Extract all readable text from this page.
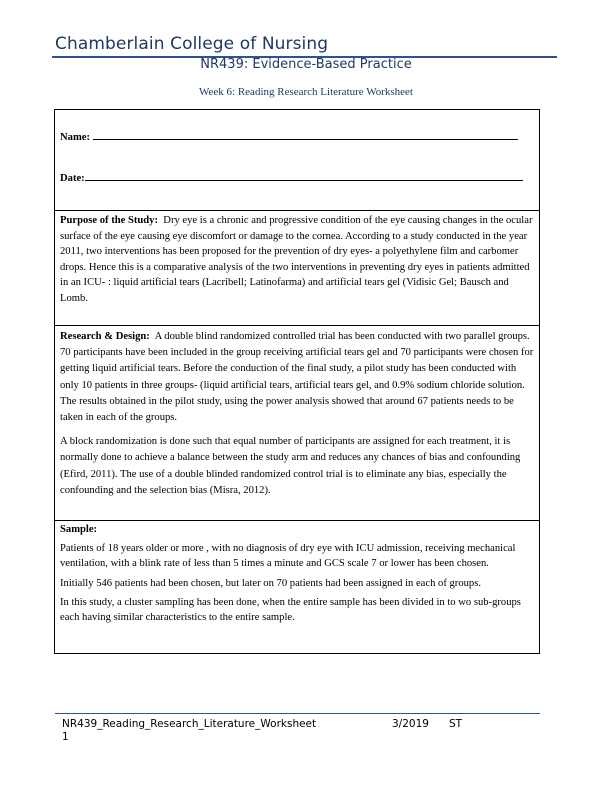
Chamberlain College of Nursing
NR439: Evidence-Based Practice
Week 6: Reading Research Literature Worksheet
Name:
Date:

Purpose of the Study: Dry eye is a chronic and progressive condition of the eye causing changes in the ocular surface of the eye causing eye discomfort or damage to the cornea. According to a study conducted in the year 2011, two interventions has been proposed for the prevention of dry eyes- a polyethylene film and carbomer drops. Hence this is a comparative analysis of the two interventions in preventing dry eyes in patients admitted in an ICU- : liquid artificial tears (Lacribell; Latinofarma) and artificial tears gel (Vidisic Gel; Bausch and Lomb.

Research & Design: A double blind randomized controlled trial has been conducted with two parallel groups. 70 participants have been included in the group receiving artificial tears gel and 70 participants were chosen for getting liquid artificial tears. Before the conduction of the final study, a pilot study has been conducted with only 10 patients in three groups- (liquid artificial tears, artificial tears gel, and 0.9% sodium chloride solution. The results obtained in the pilot study, using the power analysis showed that around 67 patients needs to be taken in each of the groups.

A block randomization is done such that equal number of participants are assigned for each treatment, it is normally done to achieve a balance between the study arm and reduces any chances of bias and confounding (Efird, 2011). The use of a double blinded randomized control trial is to eliminate any bias, especially the confounding and the selection bias (Misra, 2012).

Sample:

Patients of 18 years older or more , with no diagnosis of dry eye with ICU admission, receiving mechanical ventilation, with a blink rate of less than 5 times a minute and GCS scale 7 or lower has been chosen.

Initially 546 patients had been chosen, but later on 70 patients had been assigned in each of groups.

In this study, a cluster sampling has been done, when the entire sample has been divided in to wo sub-groups each having similar characteristics to the entire sample.

NR439_Reading_Research_Literature_Worksheet
1
3/2019 ST
